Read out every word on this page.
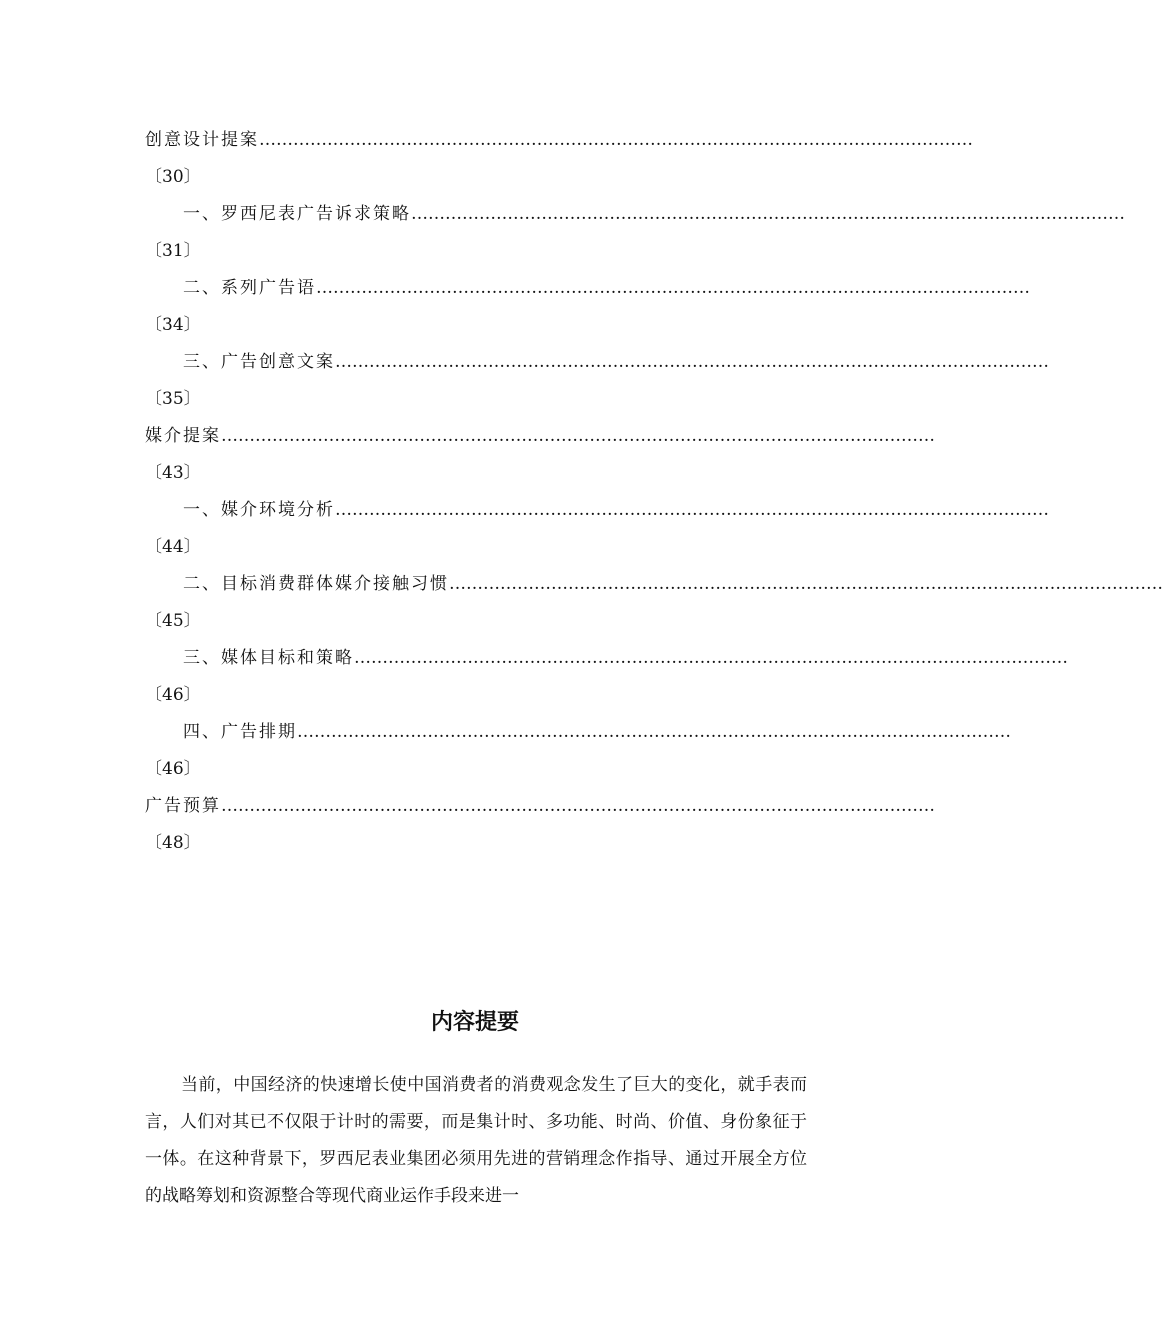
创意设计提案………………………………………………………………………………………………………………
〔30〕
一、罗西尼表广告诉求策略………………………………………………………………………………………………………………
〔31〕
二、系列广告语………………………………………………………………………………………………………………
〔34〕
三、广告创意文案………………………………………………………………………………………………………………
〔35〕
媒介提案………………………………………………………………………………………………………………
〔43〕
一、媒介环境分析………………………………………………………………………………………………………………
〔44〕
二、目标消费群体媒介接触习惯………………………………………………………………………………………………………………
〔45〕
三、媒体目标和策略………………………………………………………………………………………………………………
〔46〕
四、广告排期………………………………………………………………………………………………………………
〔46〕
广告预算………………………………………………………………………………………………………………
〔48〕
内容提要

当前，中国经济的快速增长使中国消费者的消费观念发生了巨大的变化，就手表而言，人们对其已不仅限于计时的需要，而是集计时、多功能、时尚、价值、身份象征于一体。在这种背景下，罗西尼表业集团必须用先进的营销理念作指导、通过开展全方位的战略筹划和资源整合等现代商业运作手段来进一
